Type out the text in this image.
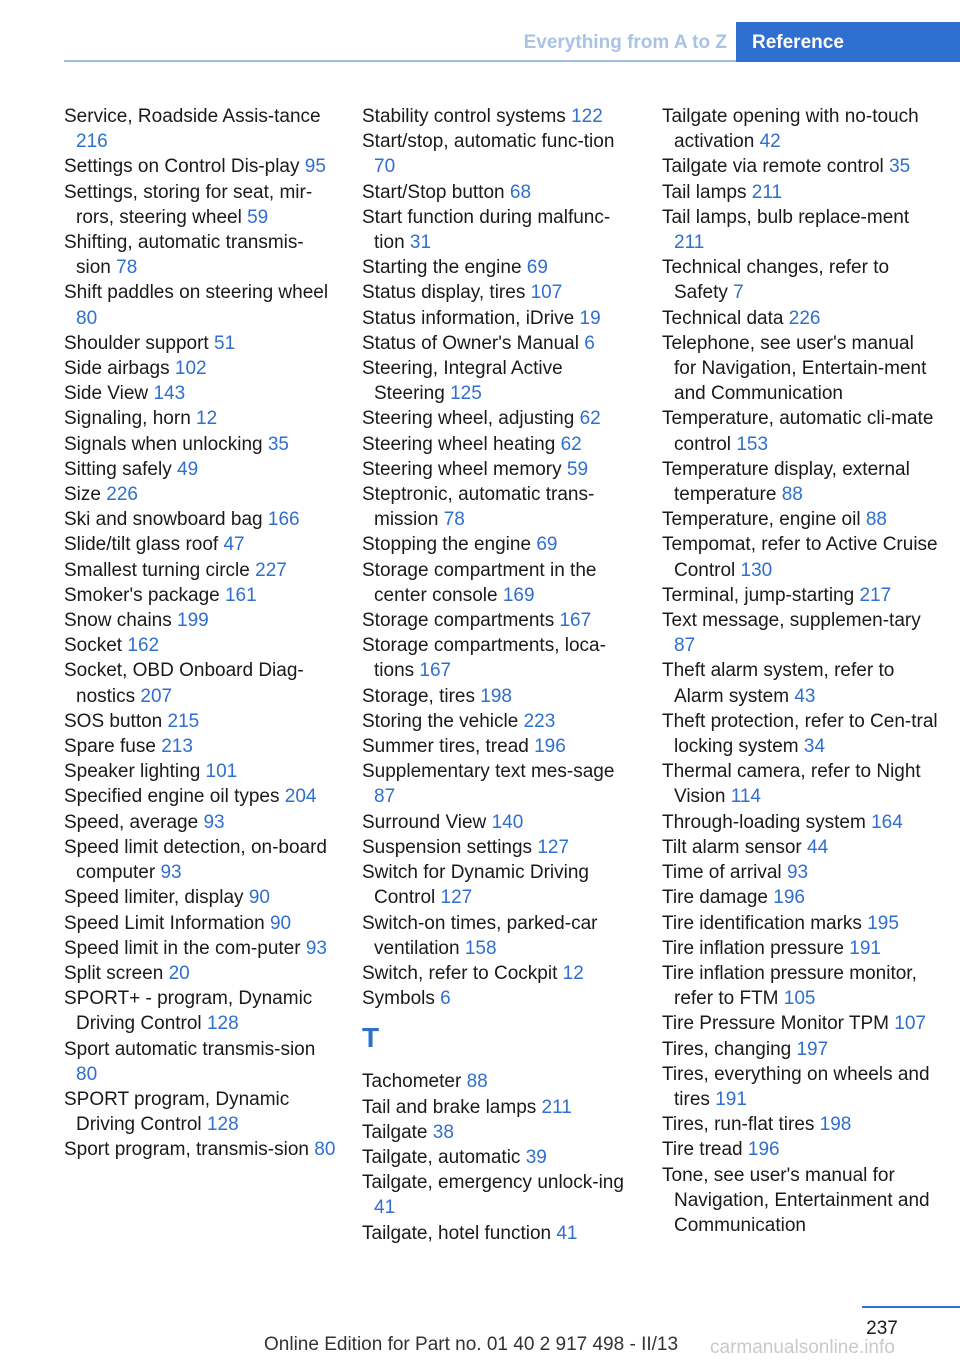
Everything from A to Z	Reference
Service, Roadside Assis‐tance 216
Settings on Control Dis‐play 95
Settings, storing for seat, mir‐rors, steering wheel 59
Shifting, automatic transmis‐sion 78
Shift paddles on steering wheel 80
Shoulder support 51
Side airbags 102
Side View 143
Signaling, horn 12
Signals when unlocking 35
Sitting safely 49
Size 226
Ski and snowboard bag 166
Slide/tilt glass roof 47
Smallest turning circle 227
Smoker's package 161
Snow chains 199
Socket 162
Socket, OBD Onboard Diag‐nostics 207
SOS button 215
Spare fuse 213
Speaker lighting 101
Specified engine oil types 204
Speed, average 93
Speed limit detection, on‐board computer 93
Speed limiter, display 90
Speed Limit Information 90
Speed limit in the com‐puter 93
Split screen 20
SPORT+ - program, Dynamic Driving Control 128
Sport automatic transmis‐sion 80
SPORT program, Dynamic Driving Control 128
Sport program, transmis‐sion 80
Stability control systems 122
Start/stop, automatic func‐tion 70
Start/Stop button 68
Start function during malfunc‐tion 31
Starting the engine 69
Status display, tires 107
Status information, iDrive 19
Status of Owner's Manual 6
Steering, Integral Active Steering 125
Steering wheel, adjusting 62
Steering wheel heating 62
Steering wheel memory 59
Steptronic, automatic trans‐mission 78
Stopping the engine 69
Storage compartment in the center console 169
Storage compartments 167
Storage compartments, loca‐tions 167
Storage, tires 198
Storing the vehicle 223
Summer tires, tread 196
Supplementary text mes‐sage 87
Surround View 140
Suspension settings 127
Switch for Dynamic Driving Control 127
Switch-on times, parked-car ventilation 158
Switch, refer to Cockpit 12
Symbols 6
T
Tachometer 88
Tail and brake lamps 211
Tailgate 38
Tailgate, automatic 39
Tailgate, emergency unlock‐ing 41
Tailgate, hotel function 41
Tailgate opening with no-touch activation 42
Tailgate via remote control 35
Tail lamps 211
Tail lamps, bulb replace‐ment 211
Technical changes, refer to Safety 7
Technical data 226
Telephone, see user's manual for Navigation, Entertain‐ment and Communication
Temperature, automatic cli‐mate control 153
Temperature display, external temperature 88
Temperature, engine oil 88
Tempomat, refer to Active Cruise Control 130
Terminal, jump-starting 217
Text message, supplemen‐tary 87
Theft alarm system, refer to Alarm system 43
Theft protection, refer to Cen‐tral locking system 34
Thermal camera, refer to Night Vision 114
Through-loading system 164
Tilt alarm sensor 44
Time of arrival 93
Tire damage 196
Tire identification marks 195
Tire inflation pressure 191
Tire inflation pressure monitor, refer to FTM 105
Tire Pressure Monitor TPM 107
Tires, changing 197
Tires, everything on wheels and tires 191
Tires, run-flat tires 198
Tire tread 196
Tone, see user's manual for Navigation, Entertainment and Communication
237
Online Edition for Part no. 01 40 2 917 498 - II/13 carmanualsonline.info
